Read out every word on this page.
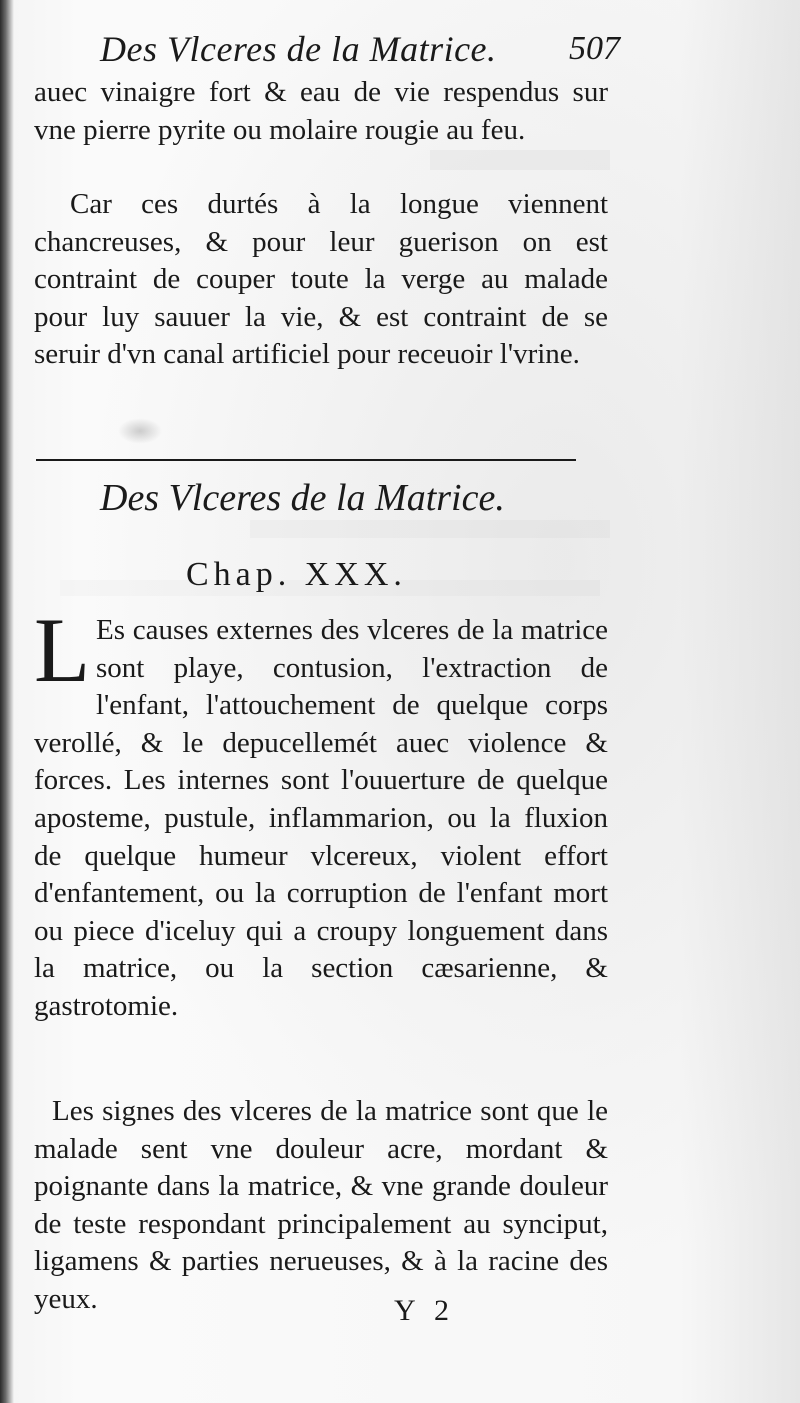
Des Vlceres de la Matrice. 507

auec vinaigre fort & eau de vie respendus sur vne pierre pyrite ou molaire rougie au feu.

Car ces durtés à la longue viennent chancreuses, & pour leur guerison on est contraint de couper toute la verge au malade pour luy sauuer la vie, & est contraint de se seruir d'vn canal artificiel pour receuoir l'vrine.

Des Vlceres de la Matrice.
Chap. XXX.
L Es causes externes des vlceres de la matrice sont playe, contusion, l'extraction de l'enfant, l'attouchement de quelque corps verollé, & le depucellemét auec violence & forces. Les internes sont l'ouuerture de quelque aposteme, pustule, inflammarion, ou la fluxion de quelque humeur vlcereux, violent effort d'enfantement, ou la corruption de l'enfant mort ou piece d'iceluy qui a croupy longuement dans la matrice, ou la section cæsarienne, & gastrotomie.

Les signes des vlceres de la matrice sont que le malade sent vne douleur acre, mordant & poignante dans la matrice, & vne grande douleur de teste respondant principalement au synciput, ligamens & parties nerueuses, & à la racine des yeux.	Y 2
